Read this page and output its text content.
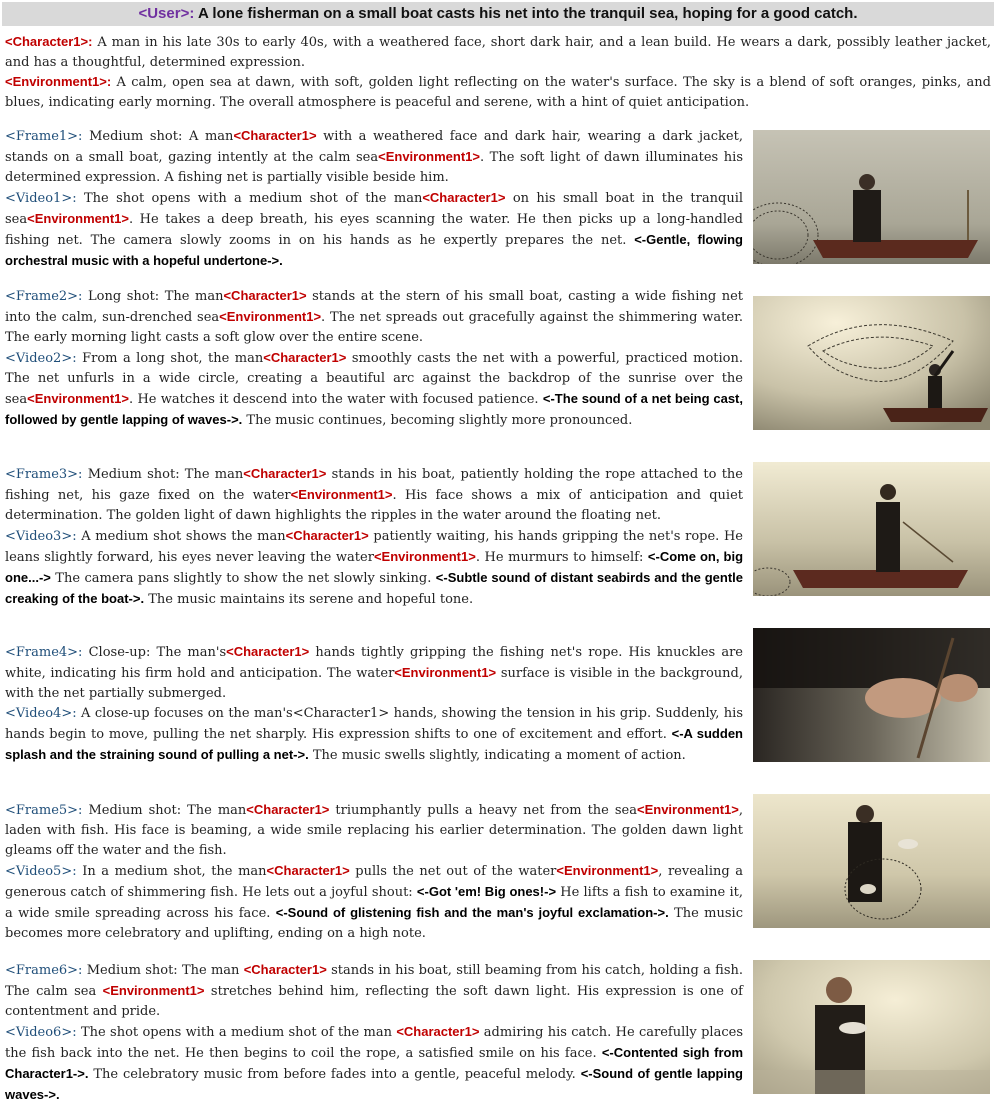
<User>: A lone fisherman on a small boat casts his net into the tranquil sea, hoping for a good catch.

<Character1>: A man in his late 30s to early 40s, with a weathered face, short dark hair, and a lean build. He wears a dark, possibly leather jacket, and has a thoughtful, determined expression.

<Environment1>: A calm, open sea at dawn, with soft, golden light reflecting on the water's surface. The sky is a blend of soft oranges, pinks, and blues, indicating early morning. The overall atmosphere is peaceful and serene, with a hint of quiet anticipation.

<Frame1>: Medium shot: A man<Character1> with a weathered face and dark hair, wearing a dark jacket, stands on a small boat, gazing intently at the calm sea<Environment1>. The soft light of dawn illuminates his determined expression. A fishing net is partially visible beside him.

<Video1>: The shot opens with a medium shot of the man<Character1> on his small boat in the tranquil sea<Environment1>. He takes a deep breath, his eyes scanning the water. He then picks up a long-handled fishing net. The camera slowly zooms in on his hands as he expertly prepares the net. <-Gentle, flowing orchestral music with a hopeful undertone->.

<Frame2>: Long shot: The man<Character1> stands at the stern of his small boat, casting a wide fishing net into the calm, sun-drenched sea<Environment1>. The net spreads out gracefully against the shimmering water. The early morning light casts a soft glow over the entire scene.

<Video2>: From a long shot, the man<Character1> smoothly casts the net with a powerful, practiced motion. The net unfurls in a wide circle, creating a beautiful arc against the backdrop of the sunrise over the sea<Environment1>. He watches it descend into the water with focused patience. <-The sound of a net being cast, followed by gentle lapping of waves->. The music continues, becoming slightly more pronounced.

<Frame3>: Medium shot: The man<Character1> stands in his boat, patiently holding the rope attached to the fishing net, his gaze fixed on the water<Environment1>. His face shows a mix of anticipation and quiet determination. The golden light of dawn highlights the ripples in the water around the floating net.

<Video3>: A medium shot shows the man<Character1> patiently waiting, his hands gripping the net's rope. He leans slightly forward, his eyes never leaving the water<Environment1>. He murmurs to himself: <-Come on, big one...-> The camera pans slightly to show the net slowly sinking. <-Subtle sound of distant seabirds and the gentle creaking of the boat->. The music maintains its serene and hopeful tone.

<Frame4>: Close-up: The man's<Character1> hands tightly gripping the fishing net's rope. His knuckles are white, indicating his firm hold and anticipation. The water<Environment1> surface is visible in the background, with the net partially submerged.

<Video4>: A close-up focuses on the man's<Character1> hands, showing the tension in his grip. Suddenly, his hands begin to move, pulling the net sharply. His expression shifts to one of excitement and effort. <-A sudden splash and the straining sound of pulling a net->. The music swells slightly, indicating a moment of action.

<Frame5>: Medium shot: The man<Character1> triumphantly pulls a heavy net from the sea<Environment1>, laden with fish. His face is beaming, a wide smile replacing his earlier determination. The golden dawn light gleams off the water and the fish.

<Video5>: In a medium shot, the man<Character1> pulls the net out of the water<Environment1>, revealing a generous catch of shimmering fish. He lets out a joyful shout: <-Got 'em! Big ones!-> He lifts a fish to examine it, a wide smile spreading across his face. <-Sound of glistening fish and the man's joyful exclamation->. The music becomes more celebratory and uplifting, ending on a high note.

<Frame6>: Medium shot: The man <Character1> stands in his boat, still beaming from his catch, holding a fish. The calm sea <Environment1> stretches behind him, reflecting the soft dawn light. His expression is one of contentment and pride.

<Video6>: The shot opens with a medium shot of the man <Character1> admiring his catch. He carefully places the fish back into the net. He then begins to coil the rope, a satisfied smile on his face. <-Contented sigh from Character1->. The celebratory music from before fades into a gentle, peaceful melody. <-Sound of gentle lapping waves->.
